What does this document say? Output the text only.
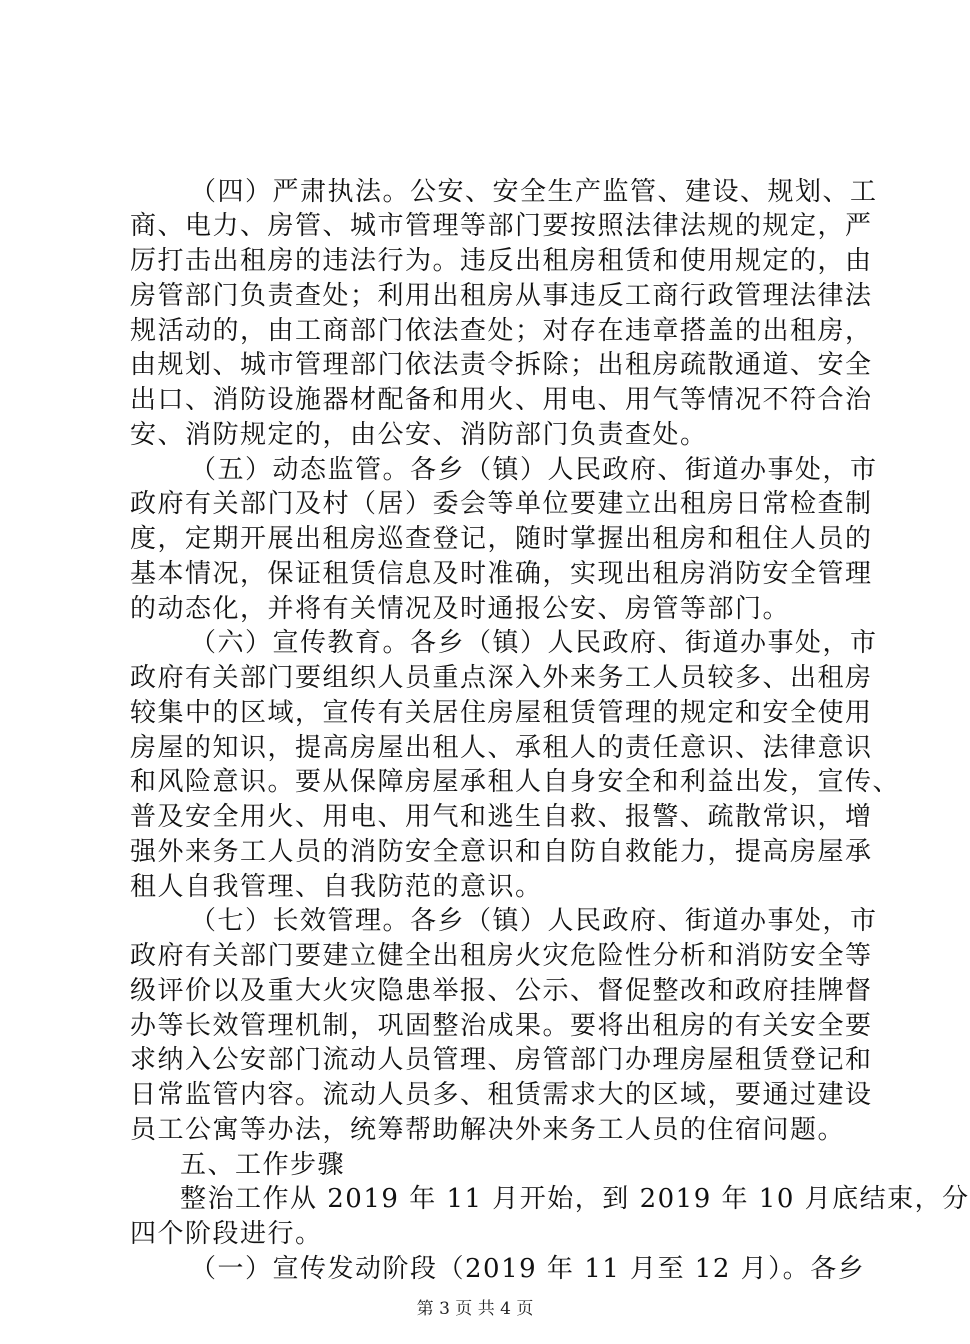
（四）严肃执法。公安、安全生产监管、建设、规划、工
商、电力、房管、城市管理等部门要按照法律法规的规定，严
厉打击出租房的违法行为。违反出租房租赁和使用规定的，由
房管部门负责查处；利用出租房从事违反工商行政管理法律法
规活动的，由工商部门依法查处；对存在违章搭盖的出租房，
由规划、城市管理部门依法责令拆除；出租房疏散通道、安全
出口、消防设施器材配备和用火、用电、用气等情况不符合治
安、消防规定的，由公安、消防部门负责查处。
（五）动态监管。各乡（镇）人民政府、街道办事处，市
政府有关部门及村（居）委会等单位要建立出租房日常检查制
度，定期开展出租房巡查登记，随时掌握出租房和租住人员的
基本情况，保证租赁信息及时准确，实现出租房消防安全管理
的动态化，并将有关情况及时通报公安、房管等部门。
（六）宣传教育。各乡（镇）人民政府、街道办事处，市
政府有关部门要组织人员重点深入外来务工人员较多、出租房
较集中的区域，宣传有关居住房屋租赁管理的规定和安全使用
房屋的知识，提高房屋出租人、承租人的责任意识、法律意识
和风险意识。要从保障房屋承租人自身安全和利益出发，宣传、
普及安全用火、用电、用气和逃生自救、报警、疏散常识，增
强外来务工人员的消防安全意识和自防自救能力，提高房屋承
租人自我管理、自我防范的意识。
（七）长效管理。各乡（镇）人民政府、街道办事处，市
政府有关部门要建立健全出租房火灾危险性分析和消防安全等
级评价以及重大火灾隐患举报、公示、督促整改和政府挂牌督
办等长效管理机制，巩固整治成果。要将出租房的有关安全要
求纳入公安部门流动人员管理、房管部门办理房屋租赁登记和
日常监管内容。流动人员多、租赁需求大的区域，要通过建设
员工公寓等办法，统筹帮助解决外来务工人员的住宿问题。
五、工作步骤
整治工作从 2019 年 11 月开始，到 2019 年 10 月底结束，分
四个阶段进行。
（一）宣传发动阶段（2019 年 11 月至 12 月）。各乡
第 3 页 共 4 页
